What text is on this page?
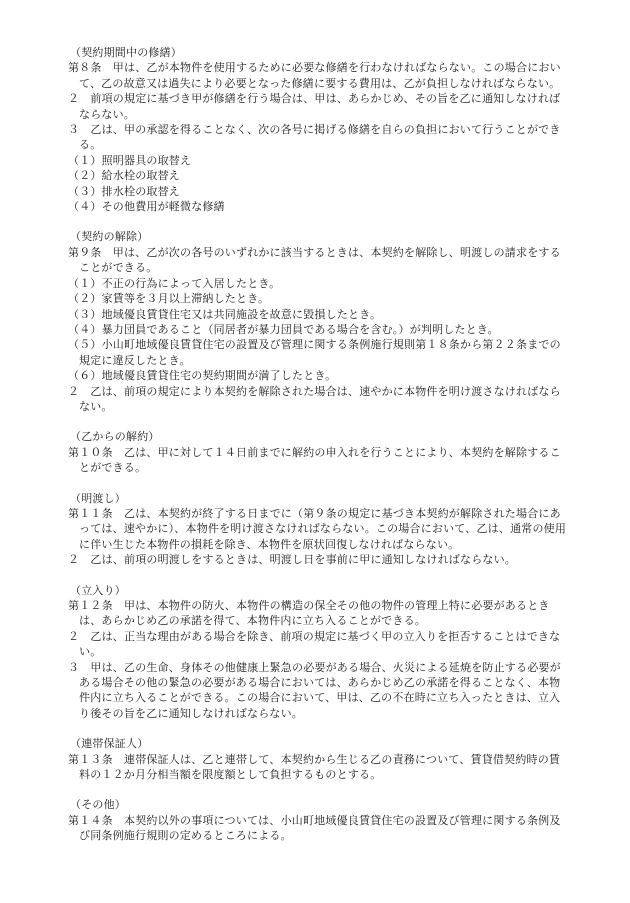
（契約期間中の修繕）

第８条　甲は、乙が本物件を使用するために必要な修繕を行わなければならない。この場合において、乙の故意又は過失により必要となった修繕に要する費用は、乙が負担しなければならない。

２　前項の規定に基づき甲が修繕を行う場合は、甲は、あらかじめ、その旨を乙に通知しなければならない。

３　乙は、甲の承認を得ることなく、次の各号に掲げる修繕を自らの負担において行うことができる。

（１）照明器具の取替え

（２）給水栓の取替え

（３）排水栓の取替え

（４）その他費用が軽微な修繕

（契約の解除）

第９条　甲は、乙が次の各号のいずれかに該当するときは、本契約を解除し、明渡しの請求をすることができる。

（１）不正の行為によって入居したとき。

（２）家賃等を３月以上滞納したとき。

（３）地域優良賃貸住宅又は共同施設を故意に毀損したとき。

（４）暴力団員であること（同居者が暴力団員である場合を含む。）が判明したとき。

（５）小山町地域優良賃貸住宅の設置及び管理に関する条例施行規則第１８条から第２２条までの規定に違反したとき。

（６）地域優良賃貸住宅の契約期間が満了したとき。

２　乙は、前項の規定により本契約を解除された場合は、速やかに本物件を明け渡さなければならない。

（乙からの解約）

第１０条　乙は、甲に対して１４日前までに解約の申入れを行うことにより、本契約を解除することができる。

（明渡し）

第１１条　乙は、本契約が終了する日までに（第９条の規定に基づき本契約が解除された場合にあっては、速やかに）、本物件を明け渡さなければならない。この場合において、乙は、通常の使用に伴い生じた本物件の損耗を除き、本物件を原状回復しなければならない。

２　乙は、前項の明渡しをするときは、明渡し日を事前に甲に通知しなければならない。

（立入り）

第１２条　甲は、本物件の防火、本物件の構造の保全その他の物件の管理上特に必要があるときは、あらかじめ乙の承諾を得て、本物件内に立ち入ることができる。

２　乙は、正当な理由がある場合を除き、前項の規定に基づく甲の立入りを拒否することはできない。

３　甲は、乙の生命、身体その他健康上緊急の必要がある場合、火災による延焼を防止する必要がある場合その他の緊急の必要がある場合においては、あらかじめ乙の承諾を得ることなく、本物件内に立ち入ることができる。この場合において、甲は、乙の不在時に立ち入ったときは、立入り後その旨を乙に通知しなければならない。

（連帯保証人）

第１３条　連帯保証人は、乙と連帯して、本契約から生じる乙の責務について、賃貸借契約時の賃料の１２か月分相当額を限度額として負担するものとする。

（その他）

第１４条　本契約以外の事項については、小山町地域優良賃貸住宅の設置及び管理に関する条例及び同条例施行規則の定めるところによる。
